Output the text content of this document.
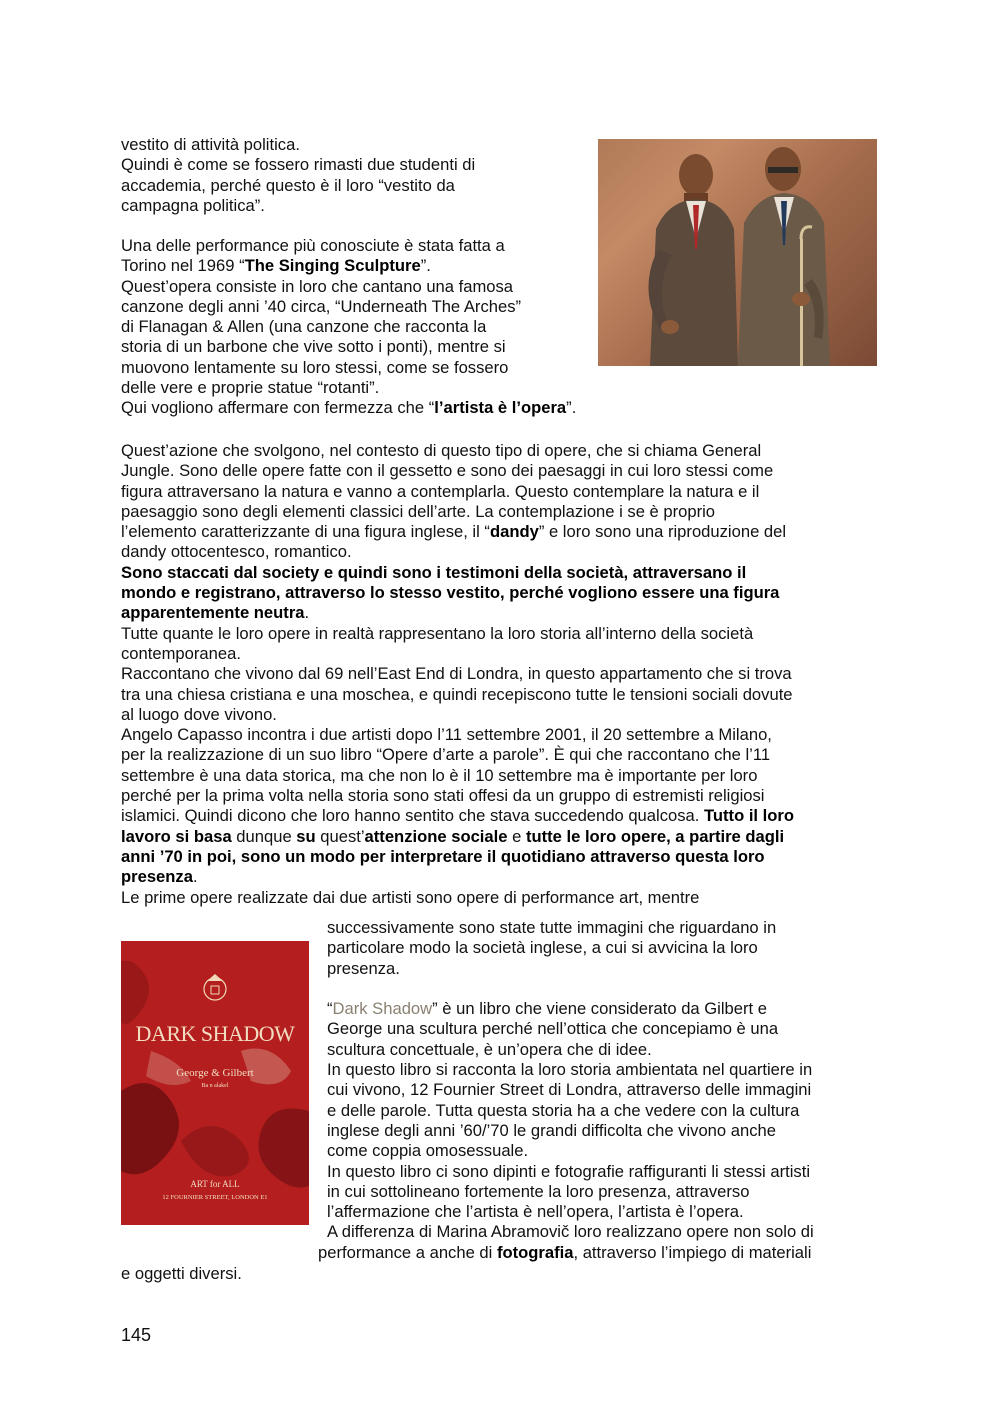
vestito di attività politica.
Quindi è come se fossero rimasti due studenti di
accademia, perché questo è il loro “vestito da
campagna politica”.
Una delle performance più conosciute è stata fatta a
Torino nel 1969 “The Singing Sculpture”.
Quest’opera consiste in loro che cantano una famosa
canzone degli anni ’40 circa, “Underneath The Arches”
di Flanagan & Allen (una canzone che racconta la
storia di un barbone che vive sotto i ponti), mentre si
muovono lentamente su loro stessi, come se fossero
delle vere e proprie statue “rotanti”.
Qui vogliono affermare con fermezza che “l’artista è l’opera”.
Quest’azione che svolgono, nel contesto di questo tipo di opere, che si chiama General
Jungle. Sono delle opere fatte con il gessetto e sono dei paesaggi in cui loro stessi come
figura attraversano la natura e vanno a contemplarla. Questo contemplare la natura e il
paesaggio sono degli elementi classici dell’arte. La contemplazione i se è proprio
l’elemento caratterizzante di una figura inglese, il “dandy” e loro sono una riproduzione del
dandy ottocentesco, romantico.
Sono staccati dal society e quindi sono i testimoni della società, attraversano il
mondo e registrano, attraverso lo stesso vestito, perché vogliono essere una figura
apparentemente neutra.
Tutte quante le loro opere in realtà rappresentano la loro storia all’interno della società
contemporanea.
Raccontano che vivono dal 69 nell’East End di Londra, in questo appartamento che si trova
tra una chiesa cristiana e una moschea, e quindi recepiscono tutte le tensioni sociali dovute
al luogo dove vivono.
Angelo Capasso incontra i due artisti dopo l’11 settembre 2001, il 20 settembre a Milano,
per la realizzazione di un suo libro “Opere d’arte a parole”. È qui che raccontano che l’11
settembre è una data storica, ma che non lo è il 10 settembre ma è importante per loro
perché per la prima volta nella storia sono stati offesi da un gruppo di estremisti religiosi
islamici. Quindi dicono che loro hanno sentito che stava succedendo qualcosa. Tutto il loro
lavoro si basa dunque su quest’attenzione sociale e tutte le loro opere, a partire dagli
anni ’70 in poi, sono un modo per interpretare il quotidiano attraverso questa loro
presenza.
Le prime opere realizzate dai due artisti sono opere di performance art, mentre
DARK SHADOW
George & Gilbert
Ba n alakel
ART for ALL
12 FOURNIER STREET, LONDON E1
successivamente sono state tutte immagini che riguardano in
particolare modo la società inglese, a cui si avvicina la loro
presenza.

“Dark Shadow” è un libro che viene considerato da Gilbert e
George una scultura perché nell’ottica che concepiamo è una
scultura concettuale, è un’opera che di idee.
In questo libro si racconta la loro storia ambientata nel quartiere in
cui vivono, 12 Fournier Street di Londra, attraverso delle immagini
e delle parole. Tutta questa storia ha a che vedere con la cultura
inglese degli anni ’60/’70 le grandi difficolta che vivono anche
come coppia omosessuale.
In questo libro ci sono dipinti e fotografie raffiguranti li stessi artisti
in cui sottolineano fortemente la loro presenza, attraverso
l’affermazione che l’artista è nell’opera, l’artista è l’opera.
A differenza di Marina Abramovič loro realizzano opere non solo di
performance a anche di fotografia, attraverso l’impiego di materiali
e oggetti diversi.
145
